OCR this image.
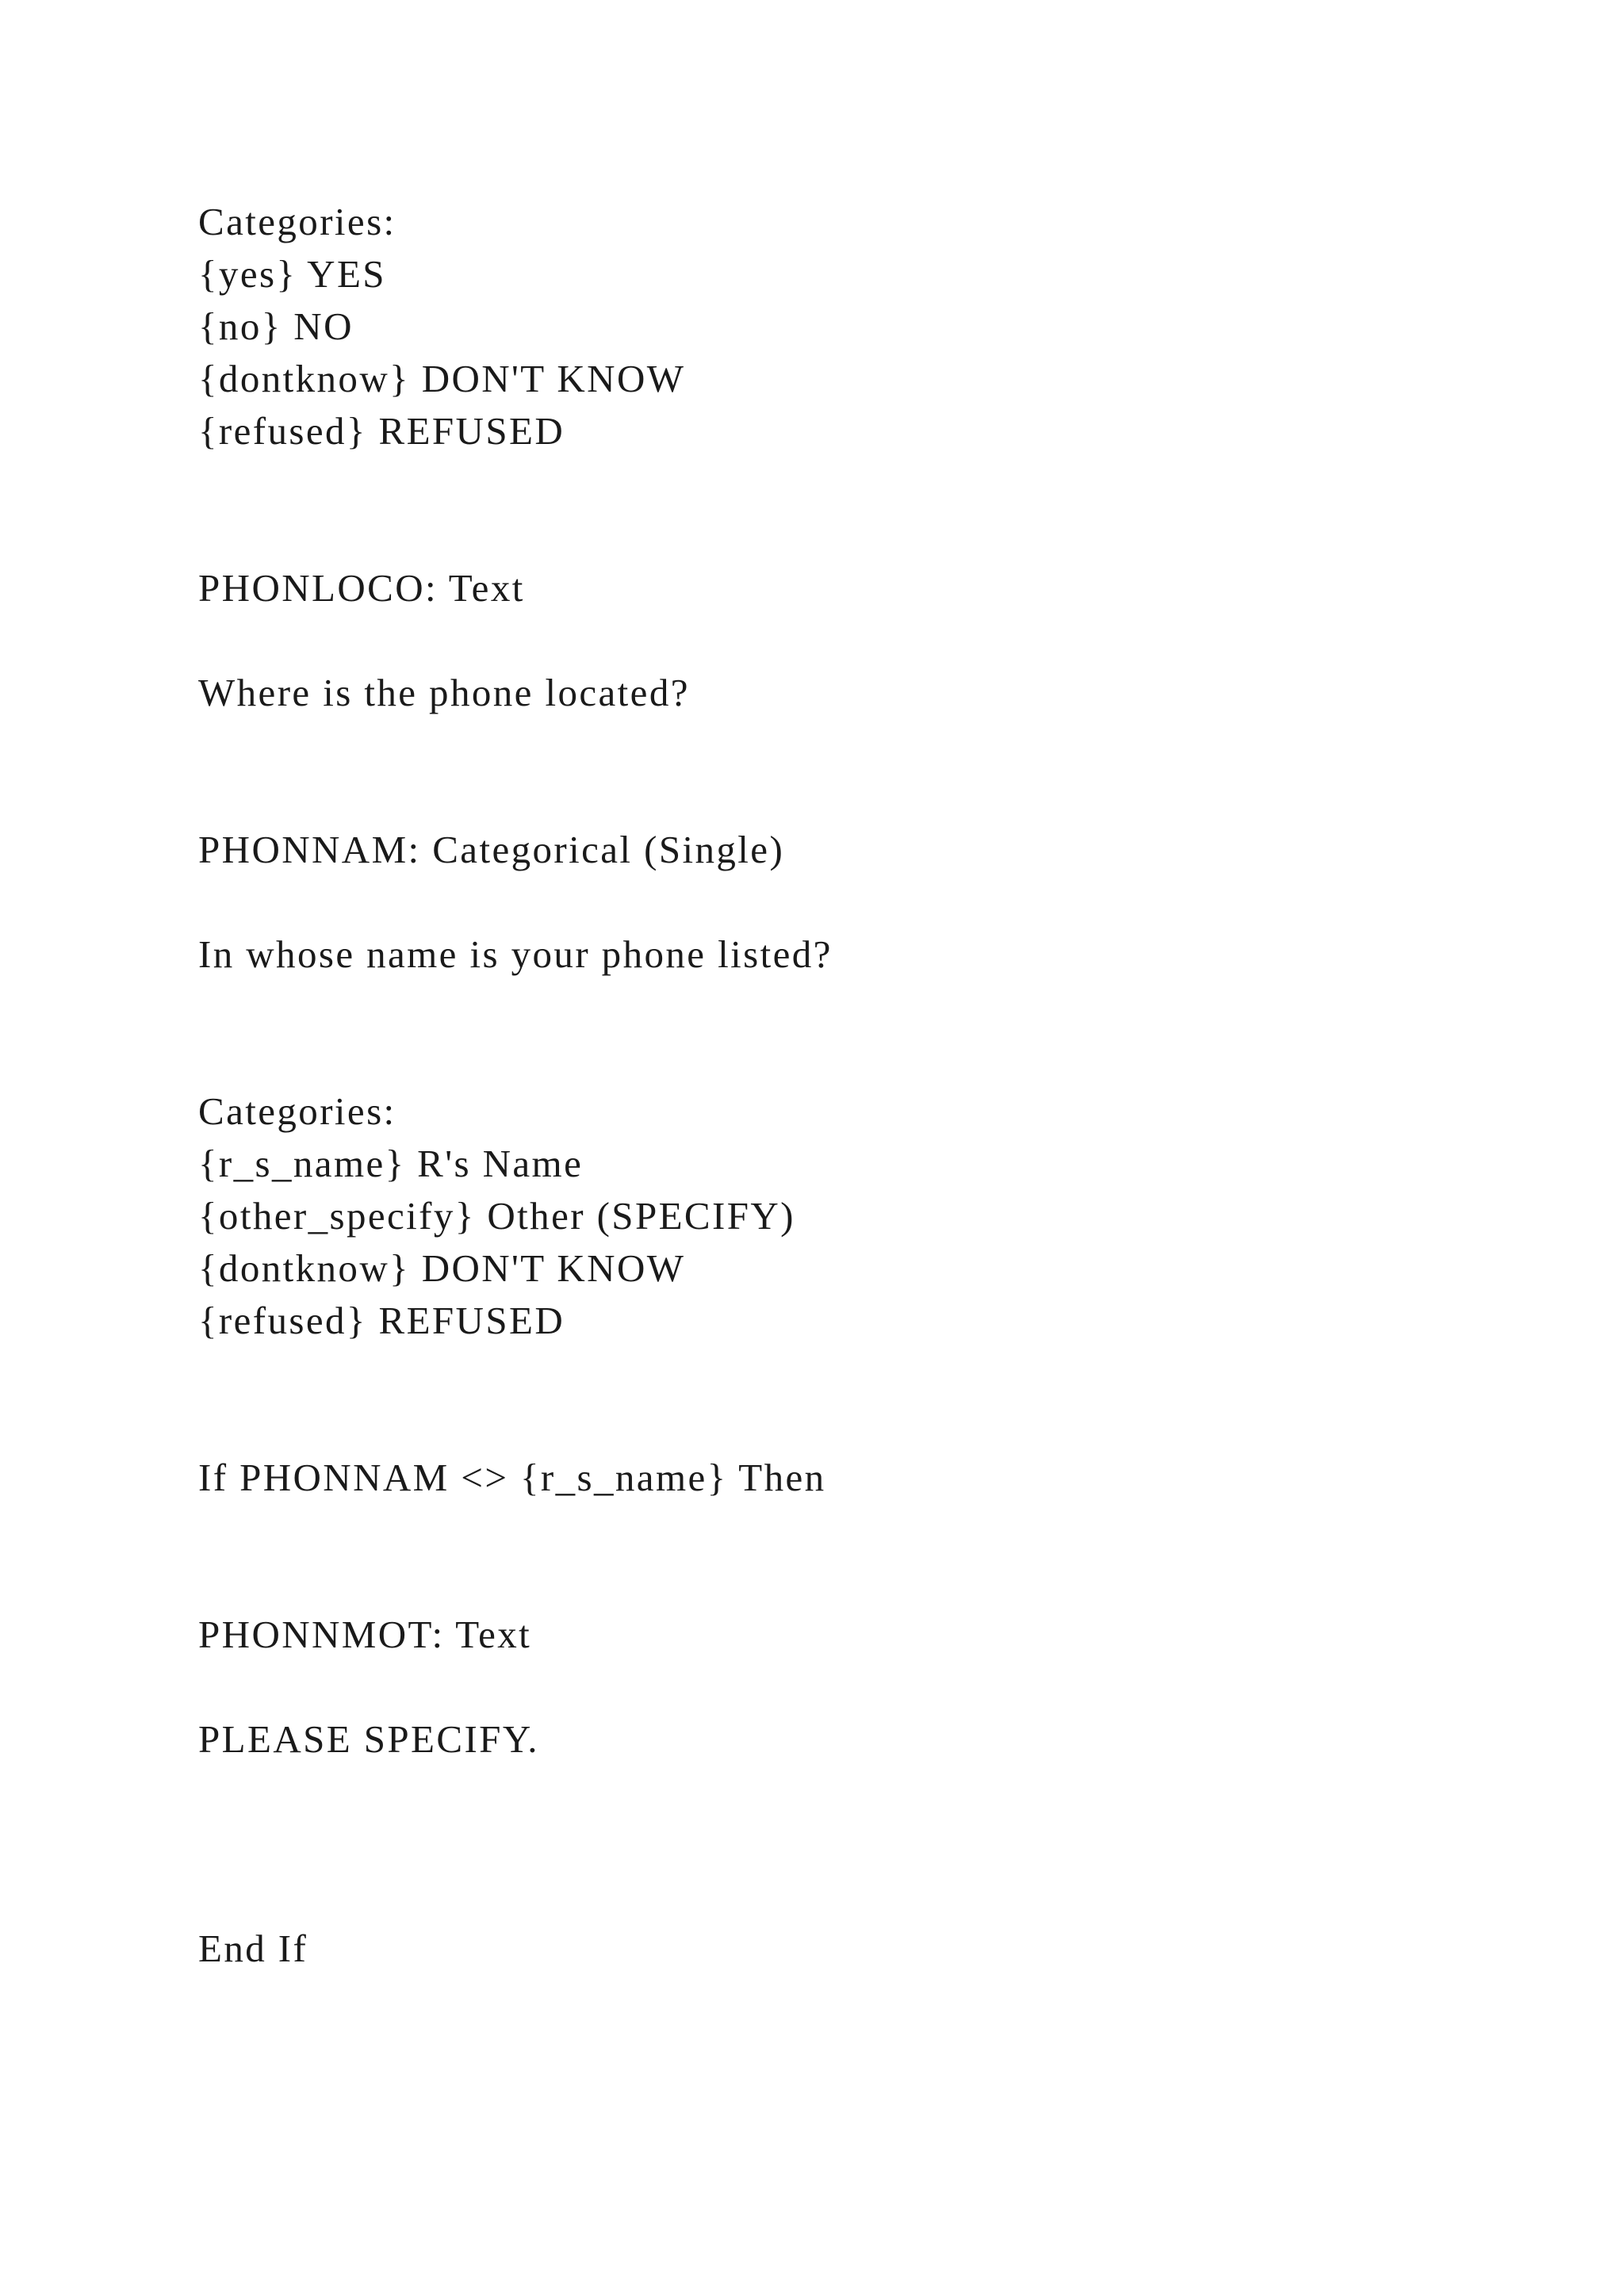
Categories:

{yes} YES

{no} NO

{dontknow} DON'T KNOW

{refused} REFUSED

PHONLOCO: Text

Where is the phone located?

PHONNAM: Categorical (Single)

In whose name is your phone listed?

Categories:

{r_s_name} R's Name

{other_specify} Other (SPECIFY)

{dontknow} DON'T KNOW

{refused} REFUSED

If PHONNAM <> {r_s_name} Then

PHONNMOT: Text

PLEASE SPECIFY.

End If
